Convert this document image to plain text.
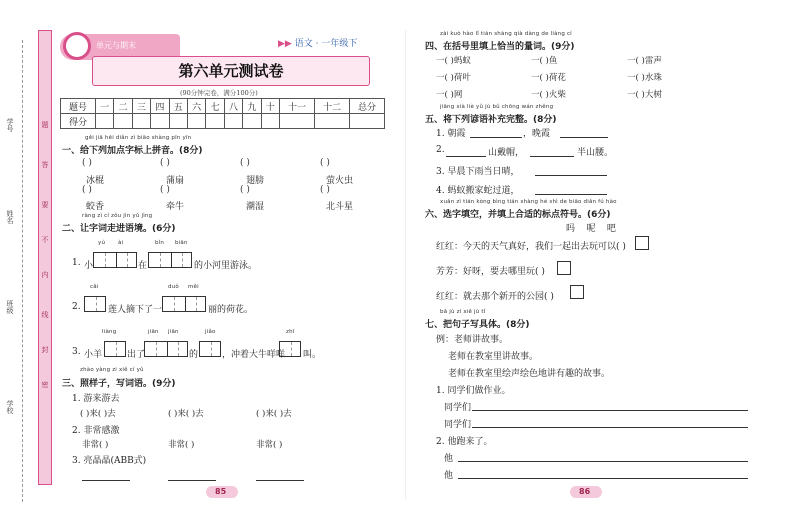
学号
姓名
班级
学校
题
答
要
不
内
线
封
密
单元与期末	▶▶ 语文 · 一年级下
第六单元测试卷
(90分钟完卷，满分100分)
题号	一	二	三	四	五	六	七	八	九	十	十一	十二	总分
得分													
gěi jiā hēi diǎn zì biāo shàng pīn yīn
一、给下列加点字标上拼音。(8分)
( )	( )	( )	( )
冰棍	蒲扇	翅膀	萤火虫
( )	( )	( )	( )
蛟香	牵牛	潮湿	北斗星
ràng zì cí zǒu jìn yǔ jìng
二、让字词走进语境。(6分)
yú ài	bǐn biān
1. 小	在	的小河里游泳。
cǎi	duǒ měi
2.	莲人摘下了一	丽的荷花。
liàng	jiān jiān	jiǎo	zhī
3. 小羊	出了	的	，冲着大牛咩咩 叫。
zhào yàng zi xiě cí yǔ
三、照样子，写词语。(9分)
1. 游来游去
( )来( )去	( )来( )去	( )来( )去
2. 非常感激
非常( )	非常( )	非常( )
3. 亮晶晶(ABB式)
85
zài kuò hào lǐ tián shàng qià dàng de liàng cí
四、在括号里填上恰当的量词。(9分)
一( )蚂蚁	一( )鱼	一( )雷声
一( )荷叶	一( )荷花	一( )水珠
一( )网	一( )火柴	一( )大树
jiāng xià liè yǔ jù bǔ chōng wán zhěng
五、将下列谚语补充完整。(8分)
1. 朝霞	，晚霞
2.	山戴帽，	半山腰。
3. 早晨下雨当日晴，
4. 蚂蚁搬家蛇过道，
xuǎn zì tián kòng bìng tián shàng hé shì de biāo diǎn fú hào
六、选字填空，并填上合适的标点符号。(6分)
吗    呢    吧
红红：今天的天气真好，我们一起出去玩可以( )
芳芳：好呀，要去哪里玩( )
红红：就去那个新开的公园( )
bǎ jù zi xiě jù tǐ
七、把句子写具体。(8分)
例：老师讲故事。
老师在教室里讲故事。
老师在教室里绘声绘色地讲有趣的故事。
1. 同学们做作业。
同学们
同学们
2. 他跑来了。
他
他
86
